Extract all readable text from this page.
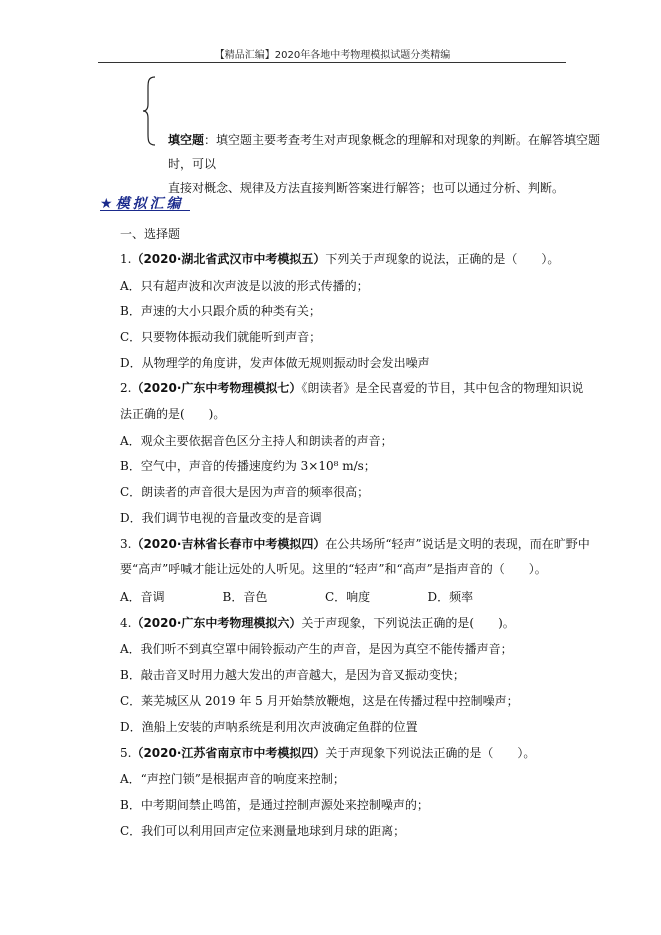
【精品汇编】2020年各地中考物理模拟试题分类精编
填空题：填空题主要考查考生对声现象概念的理解和对现象的判断。在解答填空题时，可以
直接对概念、规律及方法直接判断答案进行解答；也可以通过分析、判断。
★模拟汇编
一、选择题
1.（2020·湖北省武汉市中考模拟五）下列关于声现象的说法，正确的是（　　）。
A．只有超声波和次声波是以波的形式传播的；
B．声速的大小只跟介质的种类有关；
C．只要物体振动我们就能听到声音；
D．从物理学的角度讲，发声体做无规则振动时会发出噪声
2.（2020·广东中考物理模拟七）《朗读者》是全民喜爱的节目，其中包含的物理知识说
法正确的是(　　)。
A．观众主要依据音色区分主持人和朗读者的声音；
B．空气中，声音的传播速度约为 3×10⁸ m/s；
C．朗读者的声音很大是因为声音的频率很高；
D．我们调节电视的音量改变的是音调
3.（2020·吉林省长春市中考模拟四）在公共场所“轻声”说话是文明的表现，而在旷野中
要“高声”呼喊才能让远处的人听见。这里的“轻声”和“高声”是指声音的（　　）。
A．音调	B．音色	C．响度	D．频率
4.（2020·广东中考物理模拟六）关于声现象，下列说法正确的是(　　)。
A．我们听不到真空罩中闹铃振动产生的声音，是因为真空不能传播声音；
B．敲击音叉时用力越大发出的声音越大，是因为音叉振动变快；
C．莱芜城区从 2019 年 5 月开始禁放鞭炮，这是在传播过程中控制噪声；
D．渔船上安装的声呐系统是利用次声波确定鱼群的位置
5.（2020·江苏省南京市中考模拟四）关于声现象下列说法正确的是（　　）。
A．“声控门锁”是根据声音的响度来控制；
B．中考期间禁止鸣笛，是通过控制声源处来控制噪声的；
C．我们可以利用回声定位来测量地球到月球的距离；
